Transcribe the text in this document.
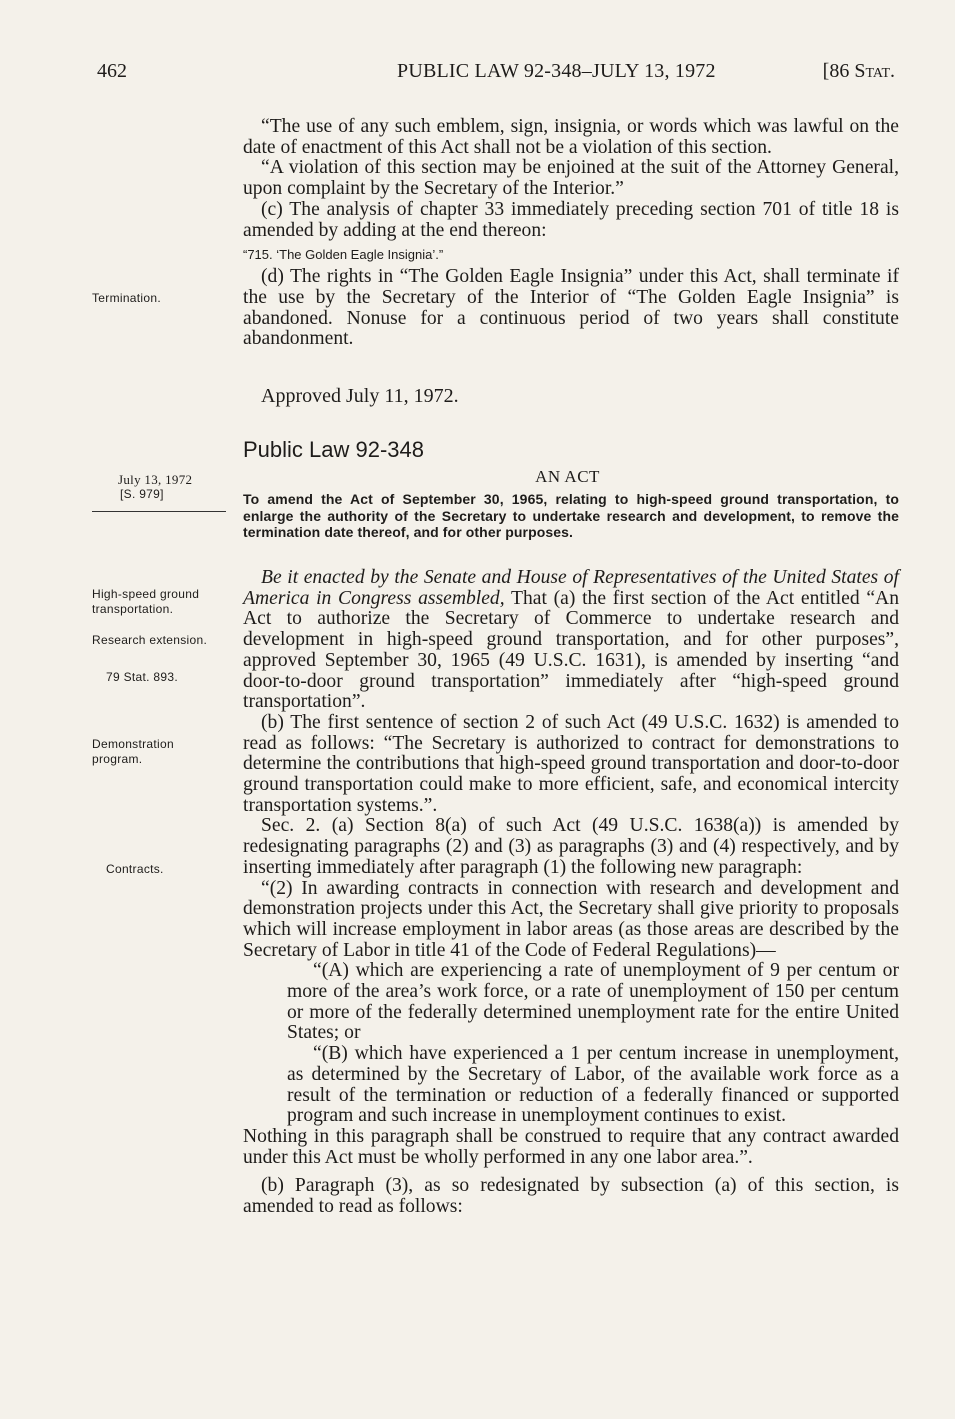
462	PUBLIC LAW 92-348–JULY 13, 1972	[86 Stat.

“The use of any such emblem, sign, insignia, or words which was lawful on the date of enactment of this Act shall not be a violation of this section.

“A violation of this section may be enjoined at the suit of the Attorney General, upon complaint by the Secretary of the Interior.”

(c) The analysis of chapter 33 immediately preceding section 701 of title 18 is amended by adding at the end thereon:

“715. ‘The Golden Eagle Insignia’.”

(d) The rights in “The Golden Eagle Insignia” under this Act, shall terminate if the use by the Secretary of the Interior of “The Golden Eagle Insignia” is abandoned. Nonuse for a continuous period of two years shall constitute abandonment.

Approved July 11, 1972.
Termination.
July 13, 1972
[S. 979]
High-speed ground transportation.
Research extension.
79 Stat. 893.
Demonstration program.
Contracts.
Public Law 92-348
AN ACT
To amend the Act of September 30, 1965, relating to high-speed ground transportation, to enlarge the authority of the Secretary to undertake research and development, to remove the termination date thereof, and for other purposes.

Be it enacted by the Senate and House of Representatives of the United States of America in Congress assembled, That (a) the first section of the Act entitled “An Act to authorize the Secretary of Commerce to undertake research and development in high-speed ground transportation, and for other purposes”, approved September 30, 1965 (49 U.S.C. 1631), is amended by inserting “and door-to-door ground transportation” immediately after “high-speed ground transportation”.

(b) The first sentence of section 2 of such Act (49 U.S.C. 1632) is amended to read as follows: “The Secretary is authorized to contract for demonstrations to determine the contributions that high-speed ground transportation and door-to-door ground transportation could make to more efficient, safe, and economical intercity transportation systems.”.

Sec. 2. (a) Section 8(a) of such Act (49 U.S.C. 1638(a)) is amended by redesignating paragraphs (2) and (3) as paragraphs (3) and (4) respectively, and by inserting immediately after paragraph (1) the following new paragraph:

“(2) In awarding contracts in connection with research and development and demonstration projects under this Act, the Secretary shall give priority to proposals which will increase employment in labor areas (as those areas are described by the Secretary of Labor in title 41 of the Code of Federal Regulations)—

“(A) which are experiencing a rate of unemployment of 9 per centum or more of the area’s work force, or a rate of unemployment of 150 per centum or more of the federally determined unemployment rate for the entire United States; or

“(B) which have experienced a 1 per centum increase in unemployment, as determined by the Secretary of Labor, of the available work force as a result of the termination or reduction of a federally financed or supported program and such increase in unemployment continues to exist.

Nothing in this paragraph shall be construed to require that any contract awarded under this Act must be wholly performed in any one labor area.”.

(b) Paragraph (3), as so redesignated by subsection (a) of this section, is amended to read as follows:
